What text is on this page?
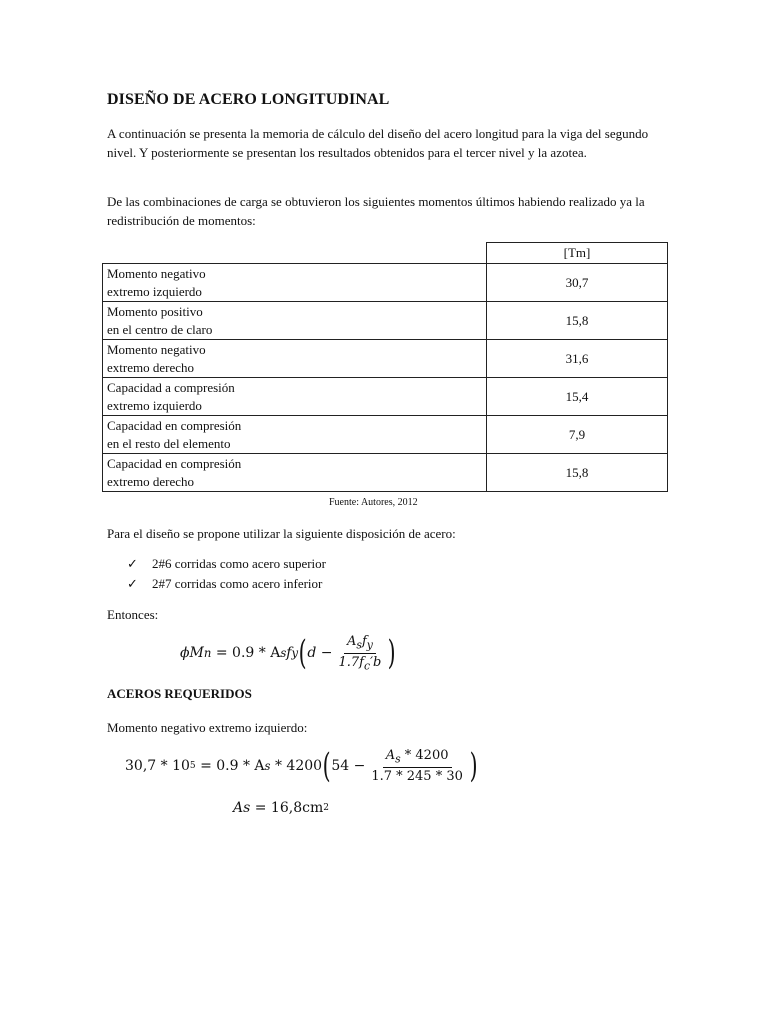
DISEÑO DE ACERO LONGITUDINAL

A continuación se presenta la memoria de cálculo del diseño del acero longitud para la viga del segundo nivel. Y posteriormente se presentan los resultados obtenidos para el tercer nivel y la azotea.

De las combinaciones de carga se obtuvieron los siguientes momentos últimos habiendo realizado ya la redistribución de momentos:

	[Tm]
Momento negativo
extremo izquierdo	30,7
Momento positivo
en el centro de claro	15,8
Momento negativo
extremo derecho	31,6
Capacidad a compresión
extremo izquierdo	15,4
Capacidad en compresión
en el resto del elemento	7,9
Capacidad en compresión
extremo derecho	15,8
Fuente: Autores, 2012

Para el diseño se propone utilizar la siguiente disposición de acero:

✓ 2#6 corridas como acero superior
✓ 2#7 corridas como acero inferior

Entonces:

ACEROS REQUERIDOS

Momento negativo extremo izquierdo:

ϕM n = 0.9 * A s f y ( $d - \frac{A_sf_y}{1.7f_c'b}$ )
30,7 * 10 5 = 0.9 * A s * 4200 ( $54 - \frac{A_s * 4200}{1.7 * 245 * 30}$ )
As = 16,8cm 2
